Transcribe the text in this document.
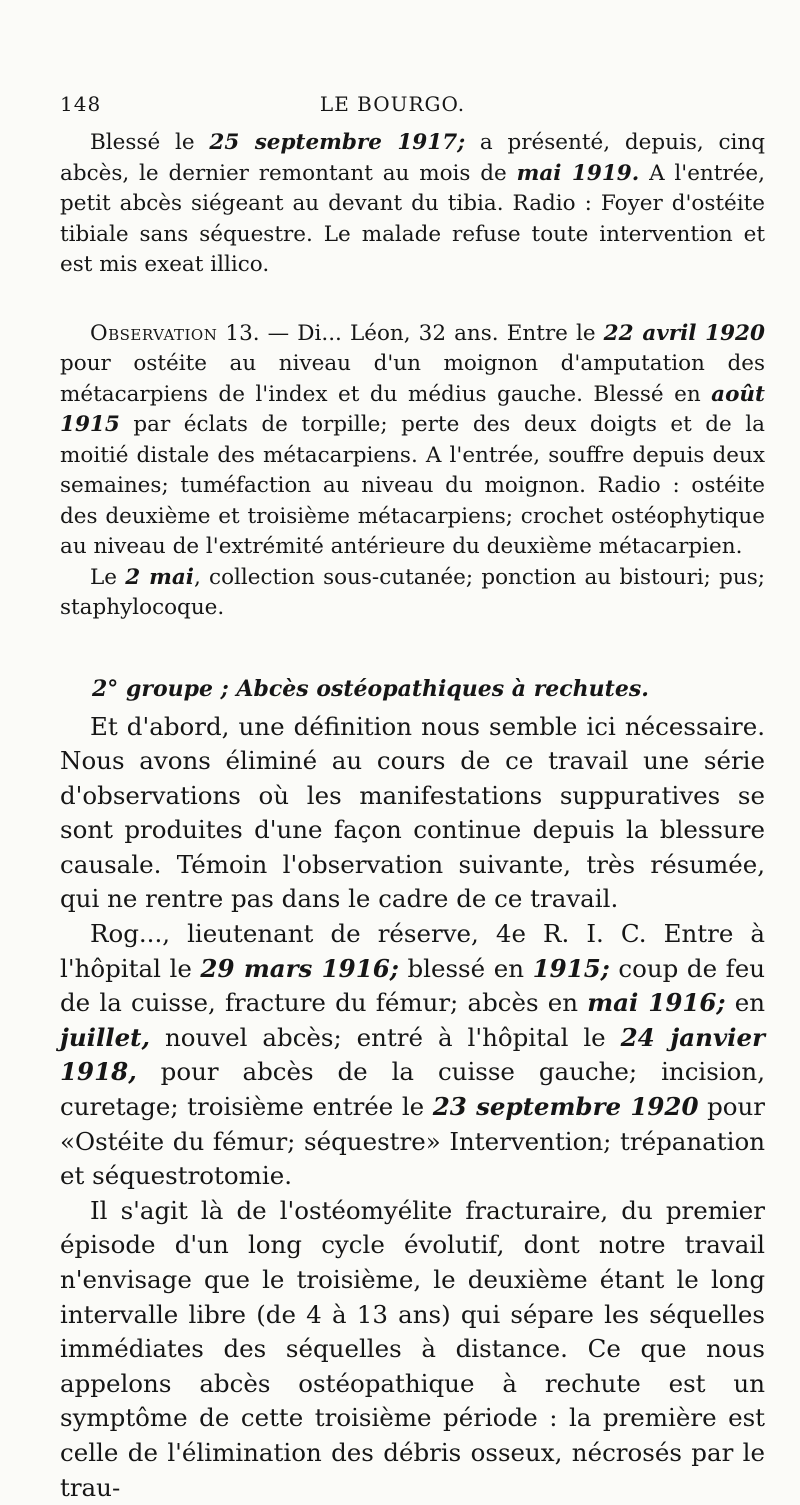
148	LE BOURGO.

Blessé le 25 septembre 1917; a présenté, depuis, cinq abcès, le dernier remontant au mois de mai 1919. A l'entrée, petit abcès siégeant au devant du tibia. Radio : Foyer d'ostéite tibiale sans séquestre. Le malade refuse toute intervention et est mis exeat illico.

Observation 13. — Di... Léon, 32 ans. Entre le 22 avril 1920 pour ostéite au niveau d'un moignon d'amputation des métacarpiens de l'index et du médius gauche. Blessé en août 1915 par éclats de torpille; perte des deux doigts et de la moitié distale des métacarpiens. A l'entrée, souffre depuis deux semaines; tuméfaction au niveau du moignon. Radio : ostéite des deuxième et troisième métacarpiens; crochet ostéophytique au niveau de l'extrémité antérieure du deuxième métacarpien.

Le 2 mai, collection sous-cutanée; ponction au bistouri; pus; staphylocoque.

2° groupe ; Abcès ostéopathiques à rechutes.

Et d'abord, une définition nous semble ici nécessaire. Nous avons éliminé au cours de ce travail une série d'observations où les manifestations suppuratives se sont produites d'une façon continue depuis la blessure causale. Témoin l'observation suivante, très résumée, qui ne rentre pas dans le cadre de ce travail.

Rog..., lieutenant de réserve, 4e R. I. C. Entre à l'hôpital le 29 mars 1916; blessé en 1915; coup de feu de la cuisse, fracture du fémur; abcès en mai 1916; en juillet, nouvel abcès; entré à l'hôpital le 24 janvier 1918, pour abcès de la cuisse gauche; incision, curetage; troisième entrée le 23 septembre 1920 pour «Ostéite du fémur; séquestre» Intervention; trépanation et séquestrotomie.

Il s'agit là de l'ostéomyélite fracturaire, du premier épisode d'un long cycle évolutif, dont notre travail n'envisage que le troisième, le deuxième étant le long intervalle libre (de 4 à 13 ans) qui sépare les séquelles immédiates des séquelles à distance. Ce que nous appelons abcès ostéopathique à rechute est un symptôme de cette troisième période : la première est celle de l'élimination des débris osseux, nécrosés par le trau-
